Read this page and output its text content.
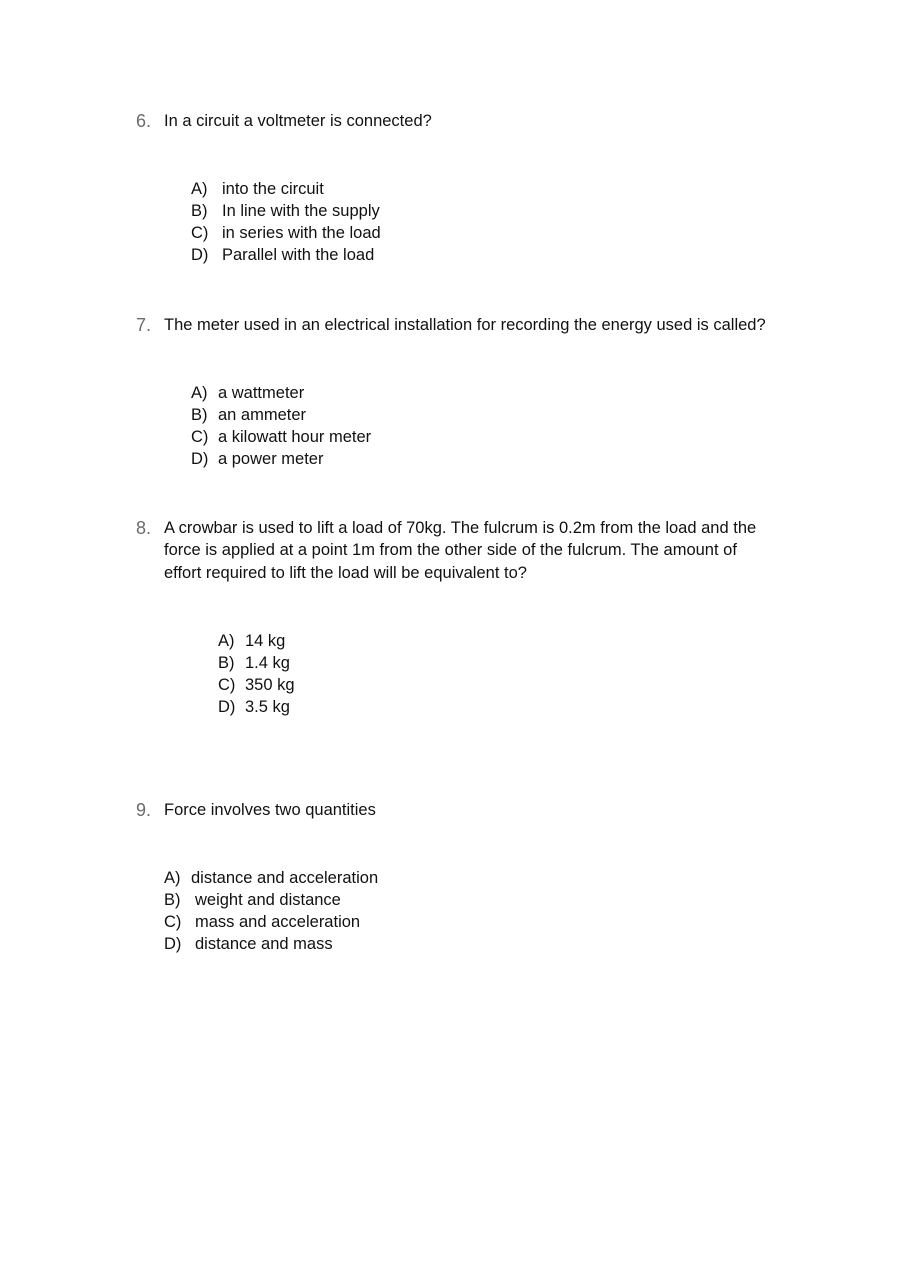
6. In a circuit a voltmeter is connected?
A) into the circuit
B) In line with the supply
C) in series with the load
D) Parallel with the load
7. The meter used in an electrical installation for recording the energy used is called?
A) a wattmeter
B) an ammeter
C) a kilowatt hour meter
D) a power meter
8. A crowbar is used to lift a load of 70kg. The fulcrum is 0.2m from the load and the
force is applied at a point 1m from the other side of the fulcrum. The amount of
effort required to lift the load will be equivalent to?
A) 14 kg
B) 1.4 kg
C) 350 kg
D) 3.5 kg
9. Force involves two quantities
A) distance and acceleration
B) weight and distance
C) mass and acceleration
D) distance and mass
